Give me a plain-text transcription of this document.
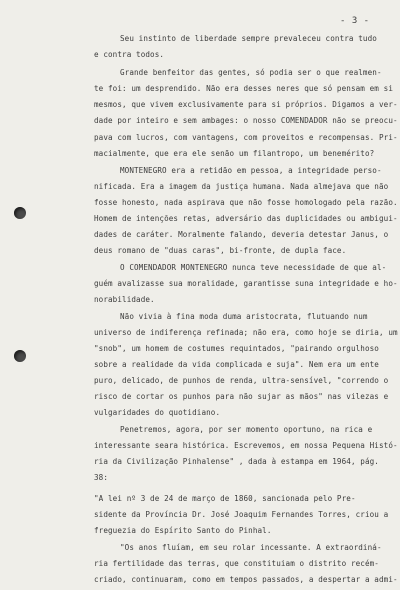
- 3 -
Seu instinto de liberdade sempre prevaleceu contra tudo
e contra todos.
Grande benfeitor das gentes, só podia ser o que realmen-
te foi: um desprendido. Não era desses neres que só pensam em si
mesmos, que vivem exclusivamente para si próprios. Digamos a ver-
dade por inteiro e sem ambages: o nosso COMENDADOR não se preocu-
pava com lucros, com vantagens, com proveitos e recompensas. Pri-
macialmente, que era ele senão um filantropo, um benemérito?
MONTENEGRO era a retidão em pessoa, a integridade perso-
nificada. Era a imagem da justiça humana. Nada almejava que não
fosse honesto, nada aspirava que não fosse homologado pela razão.
Homem de intenções retas, adversário das duplicidades ou ambigui-
dades de caráter. Moralmente falando, deveria detestar Janus, o
deus romano de "duas caras", bi-fronte, de dupla face.
O COMENDADOR MONTENEGRO nunca teve necessidade de que al-
guém avalizasse sua moralidade, garantisse suna integridade e ho-
norabilidade.
Não vivia à fina moda duma aristocrata, flutuando num
universo de indiferença refinada; não era, como hoje se diria, um
"snob", um homem de costumes requintados, "pairando orgulhoso
sobre a realidade da vida complicada e suja". Nem era um ente
puro, delicado, de punhos de renda, ultra-sensível, "correndo o
risco de cortar os punhos para não sujar as mãos" nas vilezas e
vulgaridades do quotidiano.
Penetremos, agora, por ser momento oportuno, na rica e
interessante seara histórica. Escrevemos, em nossa Pequena Histó-
ria da Civilização Pinhalense" , dada à estampa em 1964, pág.
38:
"A lei nº 3 de 24 de março de 1860, sancionada pelo Pre-
sidente da Província Dr. José Joaquim Fernandes Torres, criou a
freguezia do Espírito Santo do Pinhal.
"Os anos fluíam, em seu rolar incessante. A extraordiná-
ria fertilidade das terras, que constituiam o distrito recém-
criado, continuaram, como em tempos passados, a despertar a admi-
